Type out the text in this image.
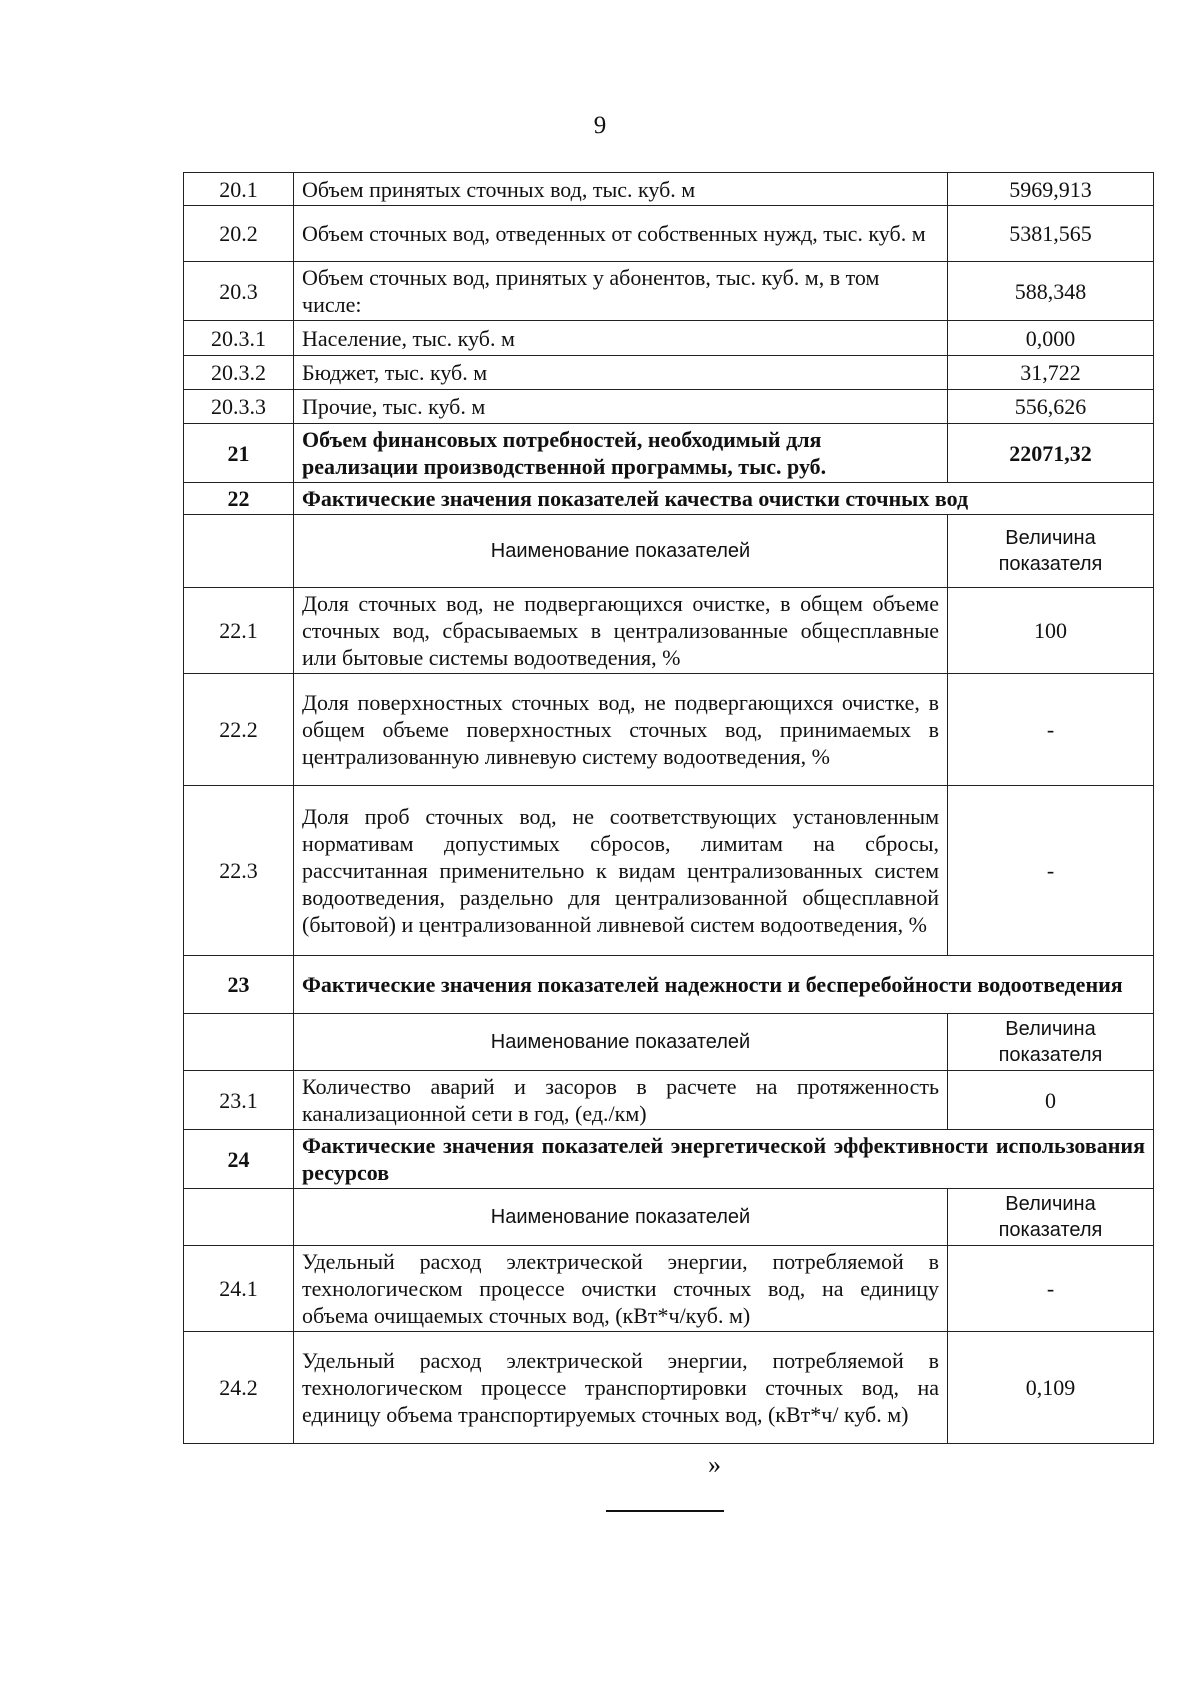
9
20.1	Объем принятых сточных вод, тыс. куб. м	5969,913
20.2	Объем сточных вод, отведенных от собственных нужд, тыс. куб. м	5381,565
20.3	Объем сточных вод, принятых у абонентов, тыс. куб. м, в том числе:	588,348
20.3.1	Население, тыс. куб. м	0,000
20.3.2	Бюджет, тыс. куб. м	31,722
20.3.3	Прочие, тыс. куб. м	556,626
21	Объем финансовых потребностей, необходимый для реализации производственной программы, тыс. руб.	22071,32
22	Фактические значения показателей качества очистки сточных вод	
	Наименование показателей	Величина показателя
22.1	Доля сточных вод, не подвергающихся очистке, в общем объеме сточных вод, сбрасываемых в централизованные общесплавные или бытовые системы водоотведения, %	100
22.2	Доля поверхностных сточных вод, не подвергающихся очистке, в общем объеме поверхностных сточных вод, принимаемых в централизованную ливневую систему водоотведения, %	-
22.3	Доля проб сточных вод, не соответствующих установленным нормативам допустимых сбросов, лимитам на сбросы, рассчитанная применительно к видам централизованных систем водоотведения, раздельно для централизованной общесплавной (бытовой) и централизованной ливневой систем водоотведения, %	-
23	Фактические значения показателей надежности и бесперебойности водоотведения	
	Наименование показателей	Величина показателя
23.1	Количество аварий и засоров в расчете на протяженность канализационной сети в год, (ед./км)	0
24	Фактические значения показателей энергетической эффективности использования ресурсов	
	Наименование показателей	Величина показателя
24.1	Удельный расход электрической энергии, потребляемой в технологическом процессе очистки сточных вод, на единицу объема очищаемых сточных вод, (кВт*ч/куб. м)	-
24.2	Удельный расход электрической энергии, потребляемой в технологическом процессе транспортировки сточных вод, на единицу объема транспортируемых сточных вод, (кВт*ч/ куб. м)	0,109
»
